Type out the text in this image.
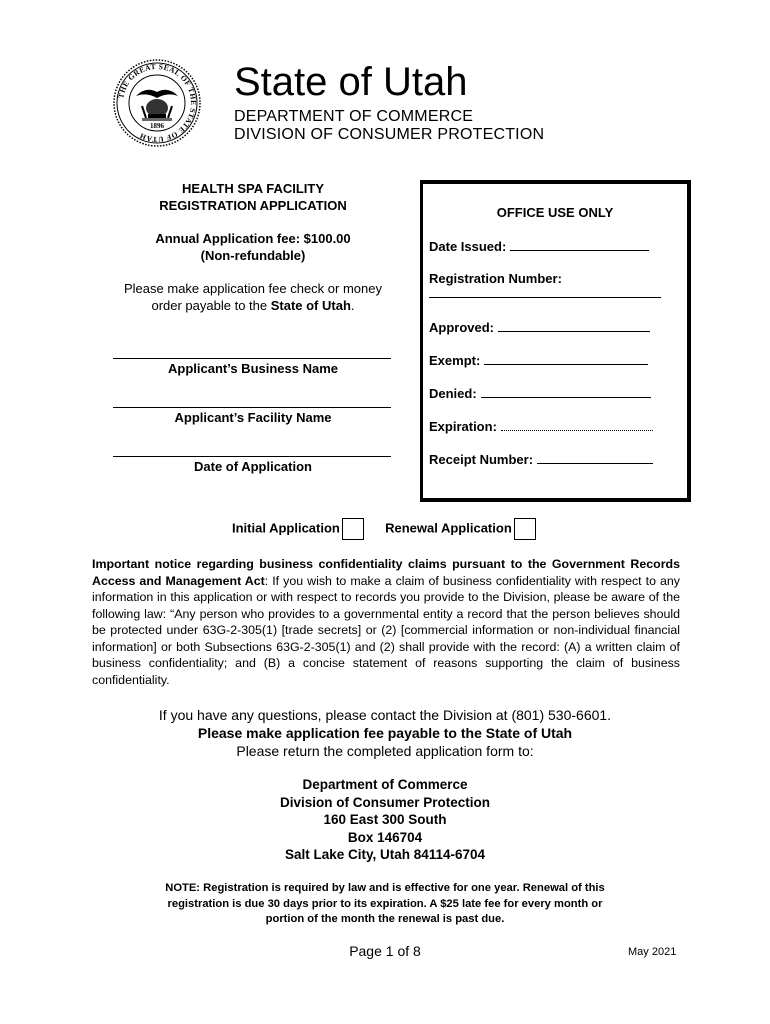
THE GREAT SEAL OF THE STATE OF UTAH
1896
State of Utah
DEPARTMENT OF COMMERCE
DIVISION OF CONSUMER PROTECTION
HEALTH SPA FACILITY
REGISTRATION APPLICATION
Annual Application fee: $100.00
(Non-refundable)
Please make application fee check or money
order payable to the State of Utah.
Applicant’s Business Name
Applicant’s Facility Name
Date of Application
OFFICE USE ONLY
Date Issued:
Registration Number:

Approved:
Exempt:
Denied:
Expiration:
Receipt Number:
Initial Application	Renewal Application
Important notice regarding business confidentiality claims pursuant to the Government Records Access and Management Act: If you wish to make a claim of business confidentiality with respect to any information in this application or with respect to records you provide to the Division, please be aware of the following law: “Any person who provides to a governmental entity a record that the person believes should be protected under 63G-2-305(1) [trade secrets] or (2) [commercial information or non-individual financial information] or both Subsections 63G-2-305(1) and (2) shall provide with the record: (A) a written claim of business confidentiality; and (B) a concise statement of reasons supporting the claim of business confidentiality.
If you have any questions, please contact the Division at (801) 530-6601.
Please make application fee payable to the State of Utah
Please return the completed application form to:
Department of Commerce
Division of Consumer Protection
160 East 300 South
Box 146704
Salt Lake City, Utah 84114-6704
NOTE: Registration is required by law and is effective for one year. Renewal of this
registration is due 30 days prior to its expiration. A $25 late fee for every month or
portion of the month the renewal is past due.
Page 1 of 8	May 2021
